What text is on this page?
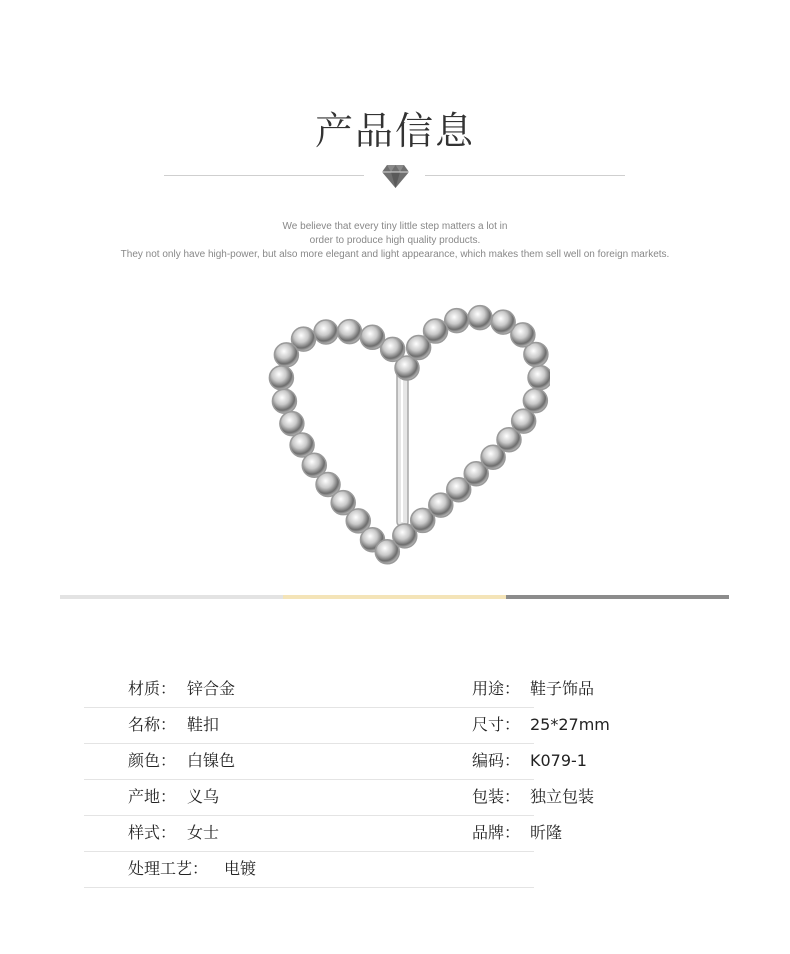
产品信息
We believe that every tiny little step matters a lot in
order to produce high quality products.
They not only have high-power, but also more elegant and light appearance, which makes them sell well on foreign markets.
材质： 锌合金
名称： 鞋扣
颜色： 白镍色
产地： 义乌
样式： 女士
处理工艺： 电镀
用途： 鞋子饰品
尺寸： 25*27mm
编码： K079-1
包装： 独立包装
品牌： 昕隆
